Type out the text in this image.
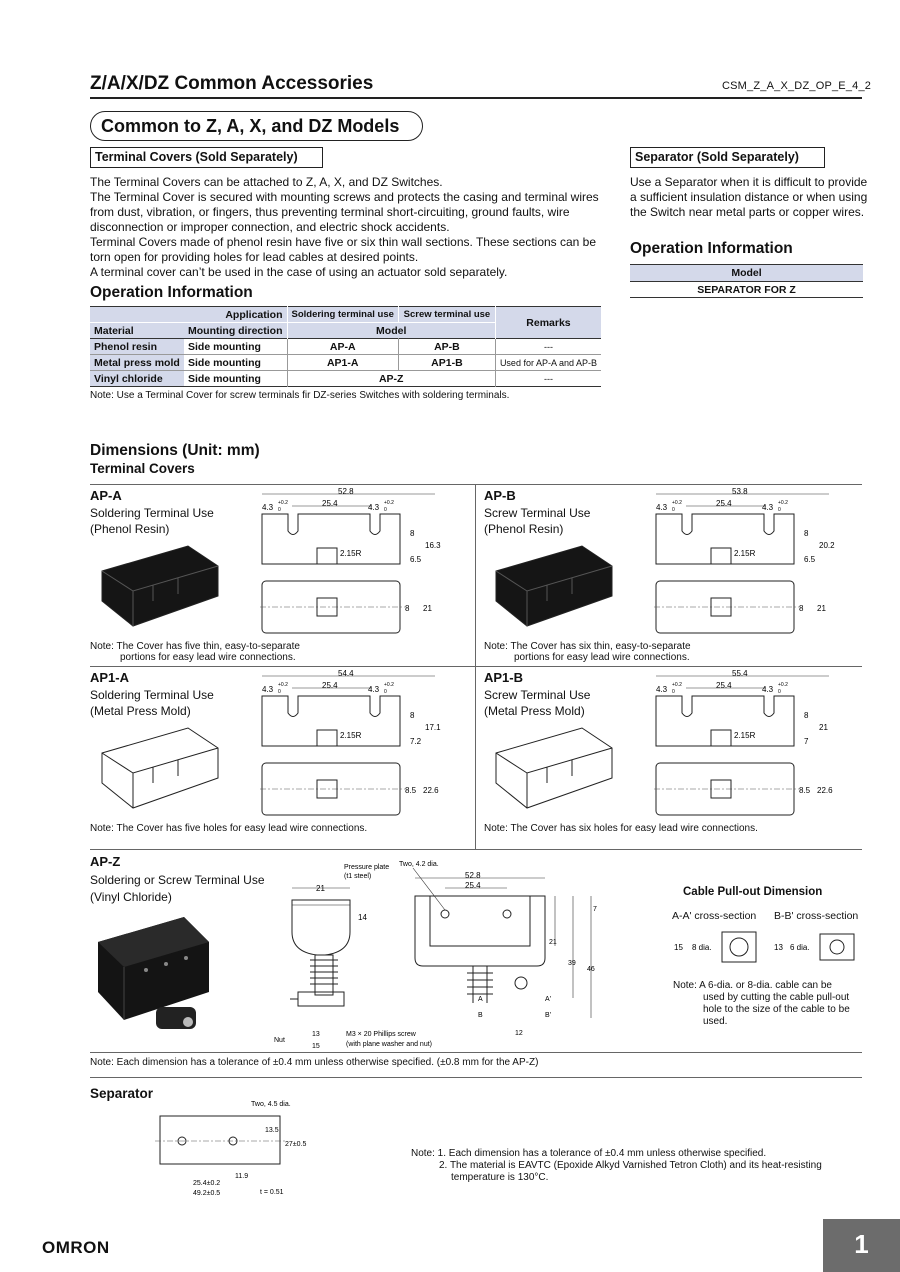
Z/A/X/DZ Common Accessories	CSM_Z_A_X_DZ_OP_E_4_2
Common to Z, A, X, and DZ Models
Terminal Covers (Sold Separately)
The Terminal Covers can be attached to Z, A, X, and DZ Switches.
The Terminal Cover is secured with mounting screws and protects the casing and terminal wires from dust, vibration, or fingers, thus preventing terminal short-circuiting, ground faults, wire disconnection or improper connection, and electric shock accidents.
Terminal Covers made of phenol resin have five or six thin wall sections. These sections can be torn open for providing holes for lead cables at desired points.
A terminal cover can’t be used in the case of using an actuator sold separately.
Operation Information
Application		Soldering terminal use	Screw terminal use	Remarks
Material	Mounting direction	Model		
Phenol resin	Side mounting	AP-A	AP-B	---
Metal press mold	Side mounting	AP1-A	AP1-B	Used for AP-A and AP-B
Vinyl chloride	Side mounting	AP-Z		---
Note: Use a Terminal Cover for screw terminals fir DZ-series Switches with soldering terminals.
Separator (Sold Separately)
Use a Separator when it is difficult to provide a sufficient insulation distance or when using the Switch near metal parts or copper wires.
Operation Information
Model
SEPARATOR FOR Z
Dimensions (Unit: mm)
Terminal Covers
AP-A
Soldering Terminal Use
(Phenol Resin)
Note: The Cover has five thin, easy-to-separate
portions for easy lead wire connections.
52.8
25.4
4.3 +0.2
0	4.3 +0.2
0
2.15R
8
16.3
6.5
8 21
AP-B
Screw Terminal Use
(Phenol Resin)
Note: The Cover has six thin, easy-to-separate
portions for easy lead wire connections.
53.8
25.4
4.3 +0.2
0	4.3 +0.2
0
2.15R
8
20.2
6.5
8 21
AP1-A
Soldering Terminal Use
(Metal Press Mold)
Note: The Cover has five holes for easy lead wire connections.
54.4
25.4
4.3 +0.2
0	4.3 +0.2
0
2.15R
8
17.1
7.2
8.5 22.6
AP1-B
Screw Terminal Use
(Metal Press Mold)
Note: The Cover has six holes for easy lead wire connections.
55.4
25.4
4.3 +0.2
0	4.3 +0.2
0
2.15R
8
21
7
8.5 22.6
AP-Z
Soldering or Screw Terminal Use
(Vinyl Chloride)
21
Pressure plate
(t1 steel)
14
Nut
13
15
M3 × 20 Phillips screw
(with plane washer and nut)
Two, 4.2 dia.
52.8
25.4
A	A'
B	B'
12
21
39
46
7
Cable Pull-out Dimension
A-A' cross-section B-B' cross-section
15 8 dia.	13 6 dia.
Note: A 6-dia. or 8-dia. cable can be
used by cutting the cable pull-out
hole to the size of the cable to be
used.
Note: Each dimension has a tolerance of ±0.4 mm unless otherwise specified. (±0.8 mm for the AP-Z)
Separator
Two, 4.5 dia.
13.5
27±0.5
11.9
25.4±0.2
49.2±0.5	t = 0.51
Note: 1. Each dimension has a tolerance of ±0.4 mm unless otherwise specified.
2. The material is EAVTC (Epoxide Alkyd Varnished Tetron Cloth) and its heat-resisting
temperature is 130°C.
OMRON	1
